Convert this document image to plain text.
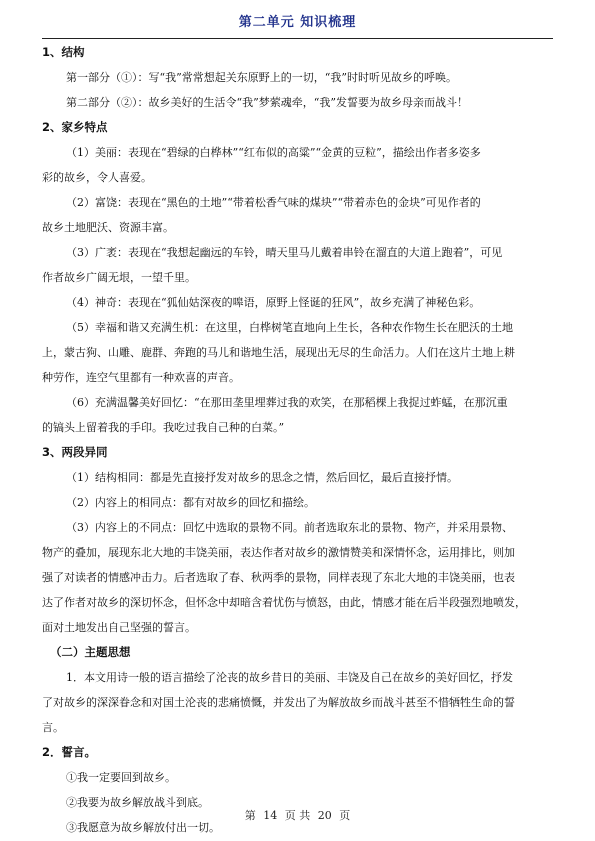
第二单元 知识梳理
1、结构
第一部分（①）：写“我”常常想起关东原野上的一切，“我”时时听见故乡的呼唤。
第二部分（②）：故乡美好的生活令“我”梦萦魂牵，“我”发誓要为故乡母亲而战斗！
2、家乡特点
（1）美丽：表现在“碧绿的白桦林”“红布似的高粱”“金黄的豆粒”，描绘出作者多姿多
彩的故乡，令人喜爱。
（2）富饶：表现在“黑色的土地”“带着松香气味的煤块”“带着赤色的金块”可见作者的
故乡土地肥沃、资源丰富。
（3）广袤：表现在“我想起幽远的车铃，晴天里马儿戴着串铃在溜直的大道上跑着”，可见
作者故乡广阔无垠，一望千里。
（4）神奇：表现在“狐仙姑深夜的嗥语，原野上怪诞的狂风”，故乡充满了神秘色彩。
（5）幸福和谐又充满生机：在这里，白桦树笔直地向上生长，各种农作物生长在肥沃的土地
上，蒙古狗、山雕、鹿群、奔跑的马儿和谐地生活，展现出无尽的生命活力。人们在这片土地上耕
种劳作，连空气里都有一种欢喜的声音。
（6）充满温馨美好回忆：“在那田垄里埋葬过我的欢笑，在那稻棵上我捉过蚱蜢，在那沉重
的镐头上留着我的手印。我吃过我自己种的白菜。”
3、两段异同
（1）结构相同：都是先直接抒发对故乡的思念之情，然后回忆，最后直接抒情。
（2）内容上的相同点：都有对故乡的回忆和描绘。
（3）内容上的不同点：回忆中选取的景物不同。前者选取东北的景物、物产，并采用景物、
物产的叠加，展现东北大地的丰饶美丽，表达作者对故乡的激情赞美和深情怀念，运用排比，则加
强了对读者的情感冲击力。后者选取了春、秋两季的景物，同样表现了东北大地的丰饶美丽，也表
达了作者对故乡的深切怀念，但怀念中却暗含着忧伤与愤怒，由此，情感才能在后半段强烈地喷发，
面对土地发出自己坚强的誓言。
（二）主题思想
1．本文用诗一般的语言描绘了沦丧的故乡昔日的美丽、丰饶及自己在故乡的美好回忆，抒发
了对故乡的深深眷念和对国土沦丧的悲痛愤慨，并发出了为解放故乡而战斗甚至不惜牺牲生命的誓
言。
2．誓言。
①我一定要回到故乡。
②我要为故乡解放战斗到底。
③我愿意为故乡解放付出一切。
第 14 页 共 20 页
